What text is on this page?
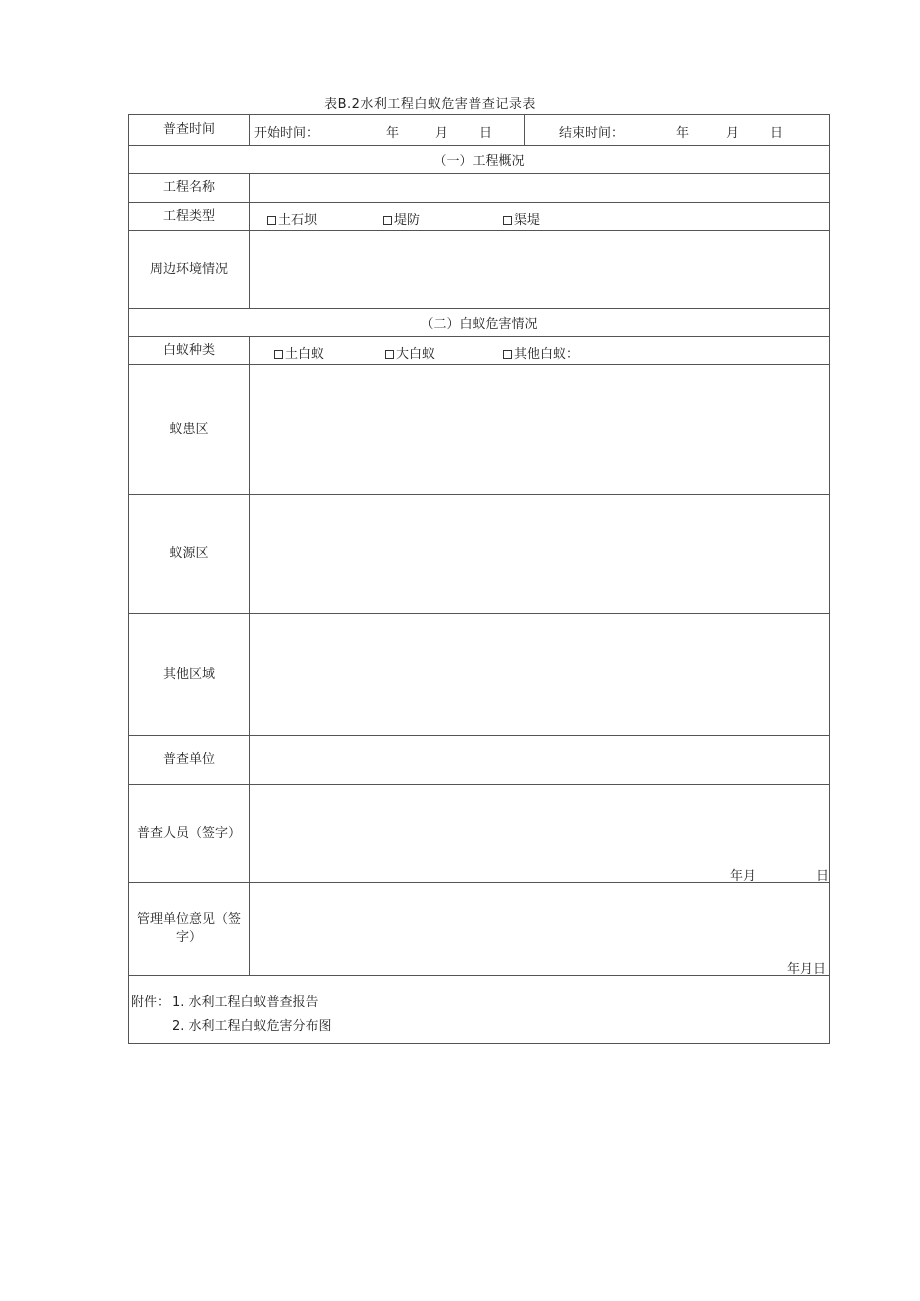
表B.2水利工程白蚁危害普查记录表
普查时间	开始时间：	年	月 日	结束时间：	年	月 日
（一）工程概况
工程名称
工程类型	土石坝	堤防	渠堤
周边环境情况
（二）白蚁危害情况
白蚁种类	土白蚁	大白蚁	其他白蚁：
蚁患区
蚁源区
其他区域
普查单位
普查人员（签字）
年月	日
管理单位意见（签字）
年月日
附件： 1. 水利工程白蚁普查报告
2. 水利工程白蚁危害分布图
